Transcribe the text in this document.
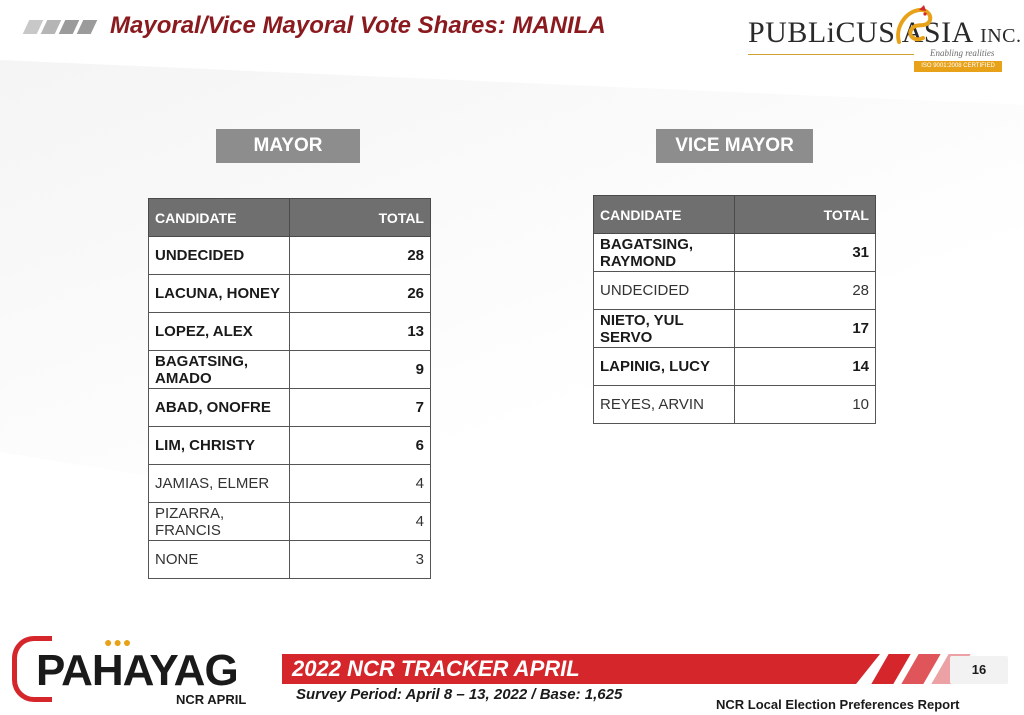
Mayoral/Vice Mayoral Vote Shares: MANILA	PUBLiCUS ASIA INC.
Enabling realities
ISO 9001:2008 CERTIFIED
MAYOR
CANDIDATE	TOTAL
UNDECIDED	28
LACUNA, HONEY	26
LOPEZ, ALEX	13
BAGATSING, AMADO	9
ABAD, ONOFRE	7
LIM, CHRISTY	6
JAMIAS, ELMER	4
PIZARRA, FRANCIS	4
NONE	3
VICE MAYOR
CANDIDATE	TOTAL
BAGATSING, RAYMOND	31
UNDECIDED	28
NIETO, YUL SERVO	17
LAPINIG, LUCY	14
REYES, ARVIN	10
●●●
PAHAYAG
NCR APRIL
2022 NCR TRACKER APRIL	16
Survey Period: April 8 – 13, 2022 / Base: 1,625
NCR Local Election Preferences Report
